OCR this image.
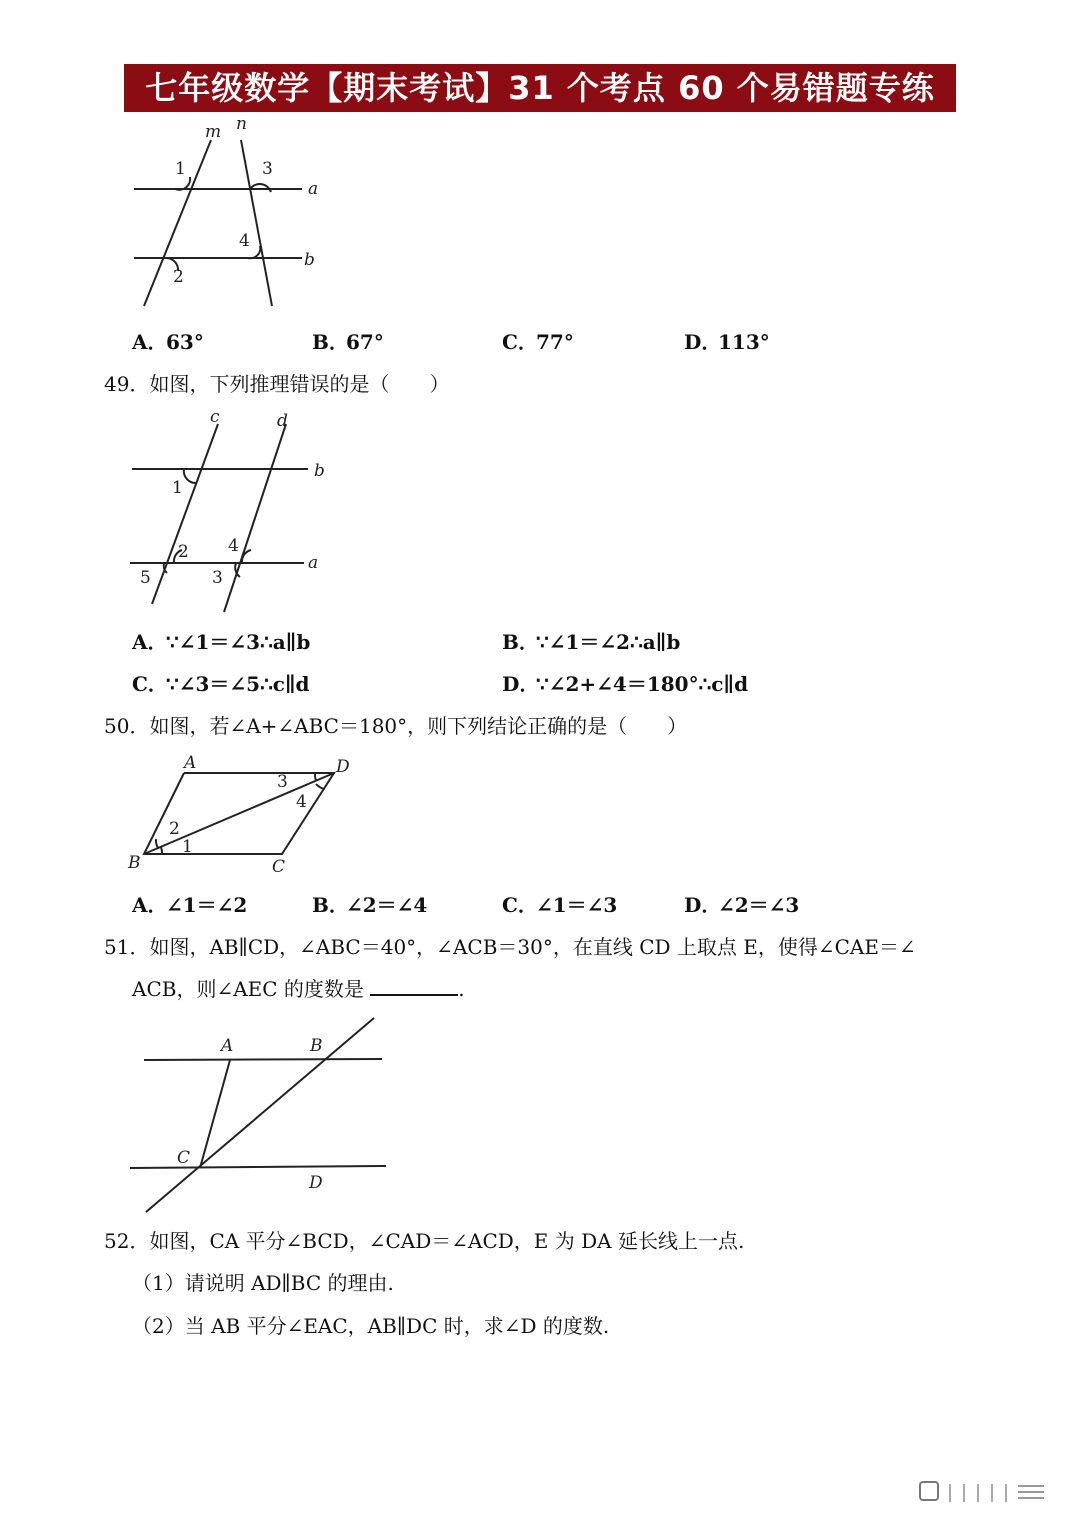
七年级数学【期末考试】31 个考点 60 个易错题专练
m n
a
b
1
2
3
4
A．63°	B．67°	C．77°	D．113°
49．如图，下列推理错误的是（　　）
c	d
b
a
1
2
3
4
5
A．∵∠1＝∠3∴a∥b	B．∵∠1＝∠2∴a∥b
C．∵∠3＝∠5∴c∥d	D．∵∠2+∠4＝180°∴c∥d
50．如图，若∠A+∠ABC＝180°，则下列结论正确的是（　　）
A
B	C
D
1
2
3
4
A．∠1＝∠2	B．∠2＝∠4	C．∠1＝∠3	D．∠2＝∠3
51．如图，AB∥CD，∠ABC＝40°，∠ACB＝30°，在直线 CD 上取点 E，使得∠CAE＝∠
ACB，则∠AEC 的度数是	.
A	B
C
D
52．如图，CA 平分∠BCD，∠CAD＝∠ACD，E 为 DA 延长线上一点.
（1）请说明 AD∥BC 的理由.
（2）当 AB 平分∠EAC，AB∥DC 时，求∠D 的度数.
